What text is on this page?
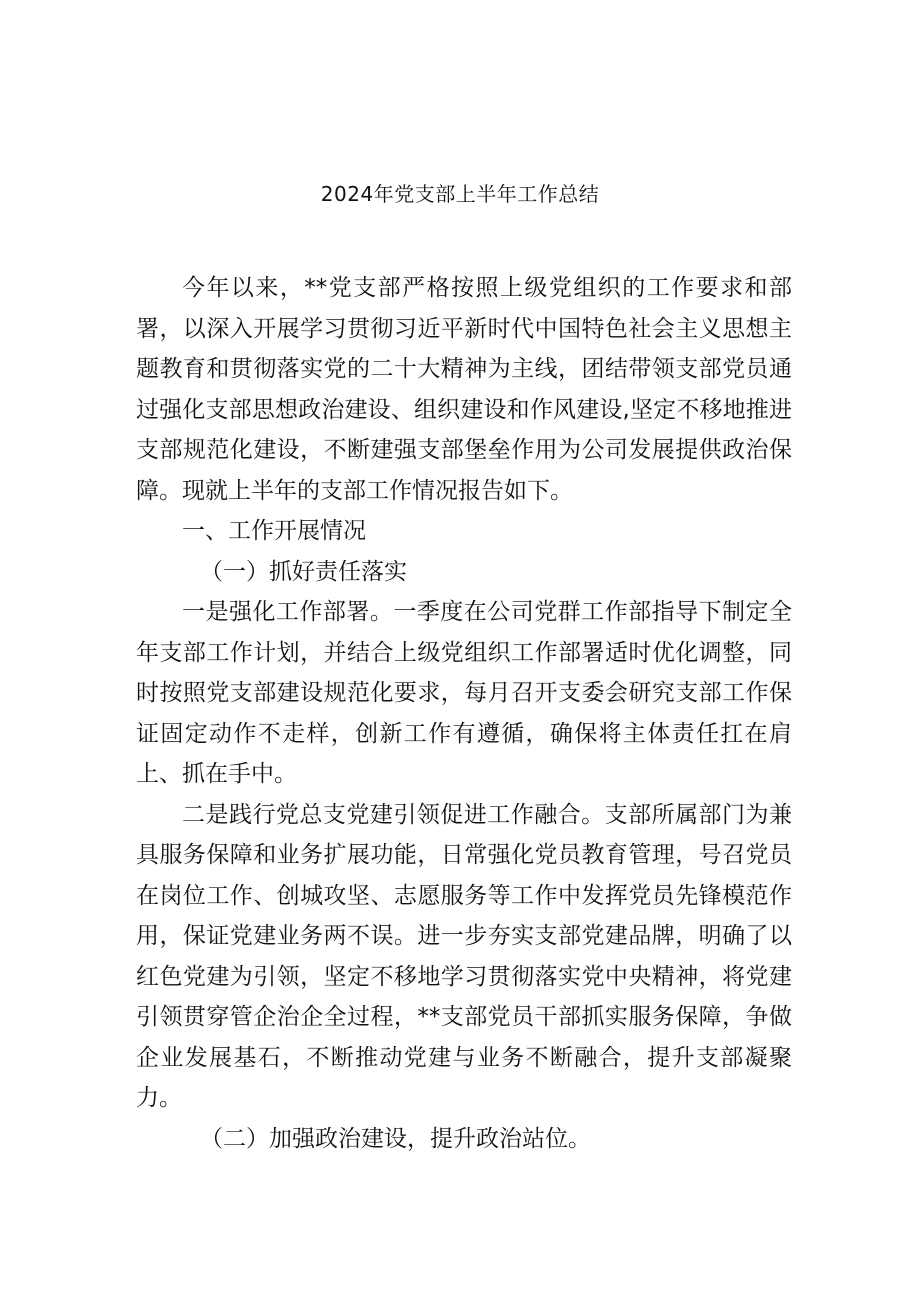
2024年党支部上半年工作总结

今年以来，**党支部严格按照上级党组织的工作要求和部署，以深入开展学习贯彻习近平新时代中国特色社会主义思想主题教育和贯彻落实党的二十大精神为主线，团结带领支部党员通过强化支部思想政治建设、组织建设和作风建设,坚定不移地推进支部规范化建设，不断建强支部堡垒作用为公司发展提供政治保障。现就上半年的支部工作情况报告如下。

一、工作开展情况

（一）抓好责任落实

一是强化工作部署。一季度在公司党群工作部指导下制定全年支部工作计划，并结合上级党组织工作部署适时优化调整，同时按照党支部建设规范化要求，每月召开支委会研究支部工作保证固定动作不走样，创新工作有遵循，确保将主体责任扛在肩上、抓在手中。

二是践行党总支党建引领促进工作融合。支部所属部门为兼具服务保障和业务扩展功能，日常强化党员教育管理，号召党员在岗位工作、创城攻坚、志愿服务等工作中发挥党员先锋模范作用，保证党建业务两不误。进一步夯实支部党建品牌，明确了以红色党建为引领，坚定不移地学习贯彻落实党中央精神，将党建引领贯穿管企治企全过程，**支部党员干部抓实服务保障，争做企业发展基石，不断推动党建与业务不断融合，提升支部凝聚力。

（二）加强政治建设，提升政治站位。
